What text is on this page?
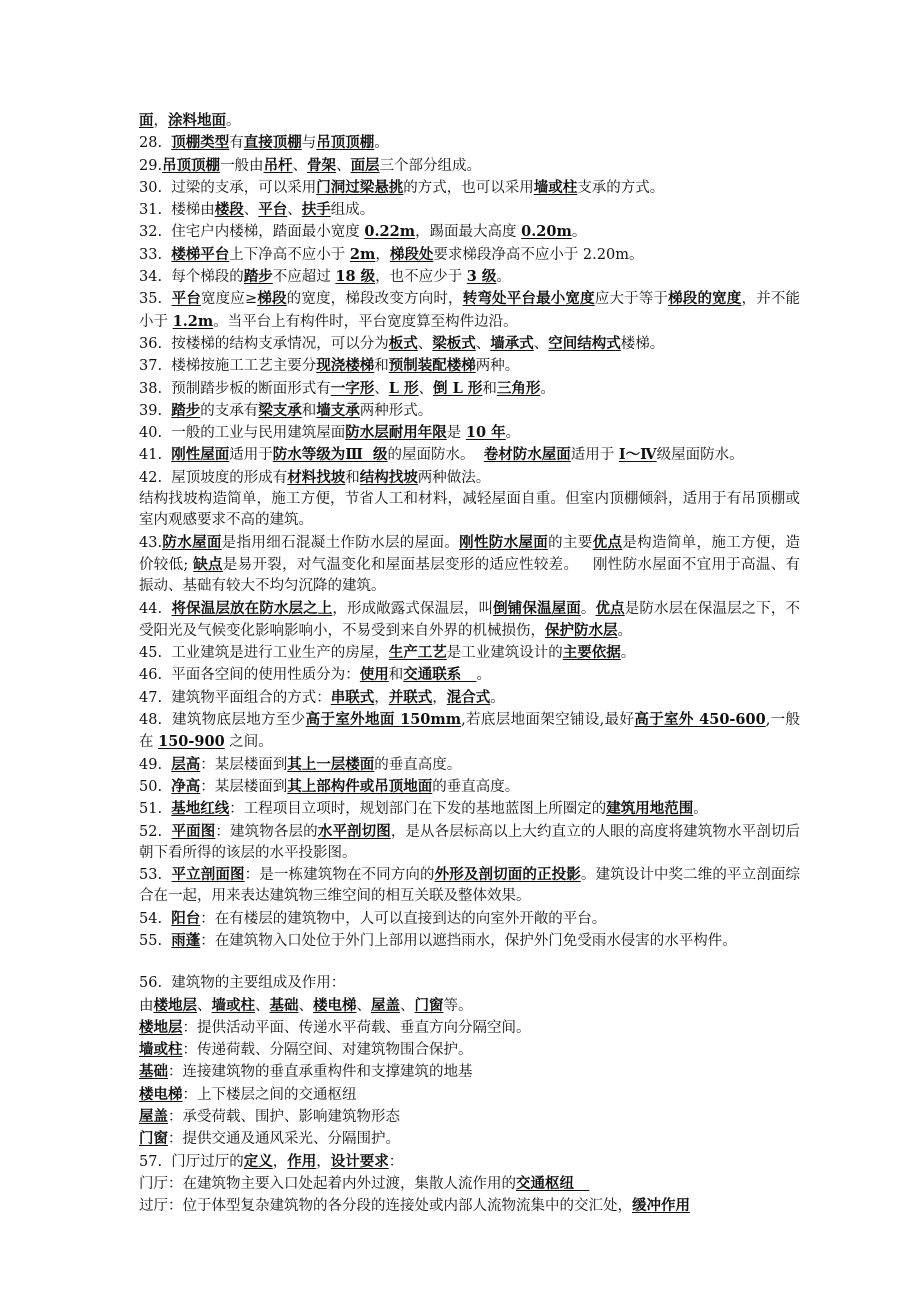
面，涂料地面。
28.  顶棚类型有直接顶棚与吊顶顶棚。
29.吊顶顶棚一般由吊杆、骨架、面层三个部分组成。
30.  过梁的支承，可以采用门洞过梁悬挑的方式，也可以采用墙或柱支承的方式。
31.  楼梯由楼段、平台、扶手组成。
32.  住宅户内楼梯，踏面最小宽度 0.22m，踢面最大高度 0.20m。
33.  楼梯平台上下净高不应小于 2m，梯段处要求梯段净高不应小于 2.20m。
34.  每个梯段的踏步不应超过 18 级，也不应少于 3 级。
35.  平台宽度应≥梯段的宽度，梯段改变方向时，转弯处平台最小宽度应大于等于梯段的宽度，并不能小于 1.2m。当平台上有构件时，平台宽度算至构件边沿。
36.  按楼梯的结构支承情况，可以分为板式、梁板式、墙承式、空间结构式楼梯。
37.  楼梯按施工工艺主要分现浇楼梯和预制装配楼梯两种。
38.  预制踏步板的断面形式有一字形、L 形、倒 L 形和三角形。
39.  踏步的支承有梁支承和墙支承两种形式。
40.  一般的工业与民用建筑屋面防水层耐用年限是 10 年。
41.  刚性屋面适用于防水等级为Ⅲ  级的屋面防水。  卷材防水屋面适用于 Ⅰ～Ⅳ级屋面防水。
42.  屋顶坡度的形成有材料找坡和结构找坡两种做法。
结构找坡构造简单，施工方便，节省人工和材料，减轻屋面自重。但室内顶棚倾斜，适用于有吊顶棚或室内观感要求不高的建筑。
43.防水屋面是指用细石混凝土作防水层的屋面。刚性防水屋面的主要优点是构造简单，施工方便，造价较低; 缺点是易开裂，对气温变化和屋面基层变形的适应性较差。   刚性防水屋面不宜用于高温、有振动、基础有较大不均匀沉降的建筑。
44.  将保温层放在防水层之上，形成敞露式保温层，叫倒铺保温屋面。优点是防水层在保温层之下，不受阳光及气候变化影响影响小，不易受到来自外界的机械损伤，保护防水层。
45.  工业建筑是进行工业生产的房屋，生产工艺是工业建筑设计的主要依据。
46.  平面各空间的使用性质分为：使用和交通联系   。
47.  建筑物平面组合的方式：串联式，并联式，混合式。
48.  建筑物底层地方至少高于室外地面 150mm,若底层地面架空铺设,最好高于室外 450-600,一般在 150-900 之间。
49.  层高：某层楼面到其上一层楼面的垂直高度。
50.  净高：某层楼面到其上部构件或吊顶地面的垂直高度。
51.  基地红线：工程项目立项时，规划部门在下发的基地蓝图上所圈定的建筑用地范围。
52.  平面图：建筑物各层的水平剖切图，是从各层标高以上大约直立的人眼的高度将建筑物水平剖切后朝下看所得的该层的水平投影图。
53.  平立剖面图：是一栋建筑物在不同方向的外形及剖切面的正投影。建筑设计中奖二维的平立剖面综合在一起，用来表达建筑物三维空间的相互关联及整体效果。
54.  阳台：在有楼层的建筑物中，人可以直接到达的向室外开敞的平台。
55.  雨蓬：在建筑物入口处位于外门上部用以遮挡雨水，保护外门免受雨水侵害的水平构件。
56.  建筑物的主要组成及作用：
由楼地层、墙或柱、基础、楼电梯、屋盖、门窗等。
楼地层：提供活动平面、传递水平荷载、垂直方向分隔空间。
墙或柱：传递荷载、分隔空间、对建筑物围合保护。
基础：连接建筑物的垂直承重构件和支撑建筑的地基
楼电梯：上下楼层之间的交通枢纽
屋盖：承受荷载、围护、影响建筑物形态
门窗：提供交通及通风采光、分隔围护。
57.  门厅过厅的定义，作用，设计要求：
门厅：在建筑物主要入口处起着内外过渡，集散人流作用的交通枢纽
过厅：位于体型复杂建筑物的各分段的连接处或内部人流物流集中的交汇处，缓冲作用
